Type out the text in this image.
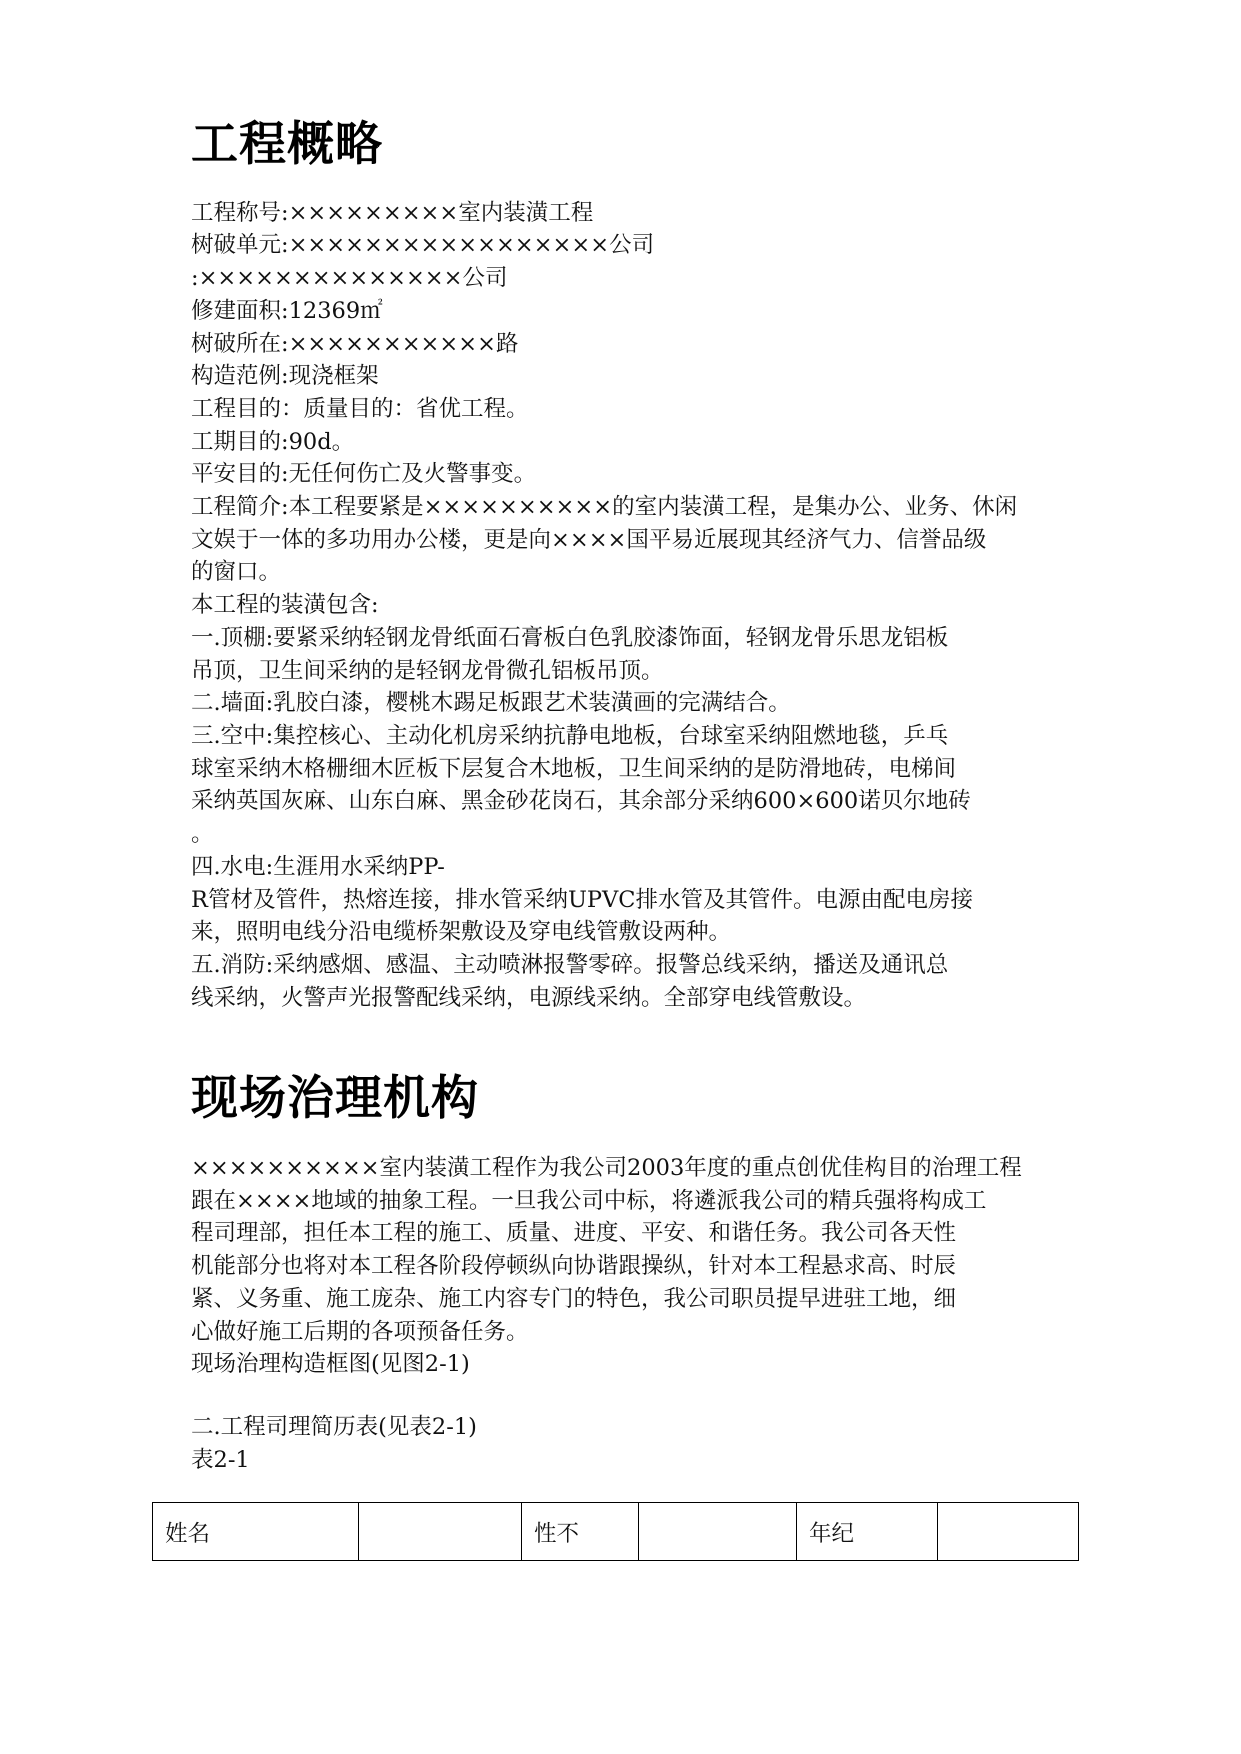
工程概略

工程称号:×××××××××室内装潢工程

树破单元:×××××××××××××××××公司

:××××××××××××××公司

修建面积:12369㎡

树破所在:×××××××××××路

构造范例:现浇框架

工程目的：质量目的：省优工程。

工期目的:90d。

平安目的:无任何伤亡及火警事变。

工程简介:本工程要紧是××××××××××的室内装潢工程，是集办公、业务、休闲

文娱于一体的多功用办公楼，更是向××××国平易近展现其经济气力、信誉品级

的窗口。

本工程的装潢包含:

一.顶棚:要紧采纳轻钢龙骨纸面石膏板白色乳胶漆饰面，轻钢龙骨乐思龙铝板

吊顶，卫生间采纳的是轻钢龙骨微孔铝板吊顶。

二.墙面:乳胶白漆，樱桃木踢足板跟艺术装潢画的完满结合。

三.空中:集控核心、主动化机房采纳抗静电地板，台球室采纳阻燃地毯，乒乓

球室采纳木格栅细木匠板下层复合木地板，卫生间采纳的是防滑地砖，电梯间

采纳英国灰麻、山东白麻、黑金砂花岗石，其余部分采纳600×600诺贝尔地砖

。

四.水电:生涯用水采纳PP-

R管材及管件，热熔连接，排水管采纳UPVC排水管及其管件。电源由配电房接

来，照明电线分沿电缆桥架敷设及穿电线管敷设两种。

五.消防:采纳感烟、感温、主动喷淋报警零碎。报警总线采纳，播送及通讯总

线采纳，火警声光报警配线采纳，电源线采纳。全部穿电线管敷设。

现场治理机构

××××××××××室内装潢工程作为我公司2003年度的重点创优佳构目的治理工程

跟在××××地域的抽象工程。一旦我公司中标，将遴派我公司的精兵强将构成工

程司理部，担任本工程的施工、质量、进度、平安、和谐任务。我公司各天性

机能部分也将对本工程各阶段停顿纵向协谐跟操纵，针对本工程悬求高、时辰

紧、义务重、施工庞杂、施工内容专门的特色，我公司职员提早进驻工地，细

心做好施工后期的各项预备任务。

现场治理构造框图(见图2-1)

二.工程司理简历表(见表2-1)

表2-1

姓名		性不		年纪	
